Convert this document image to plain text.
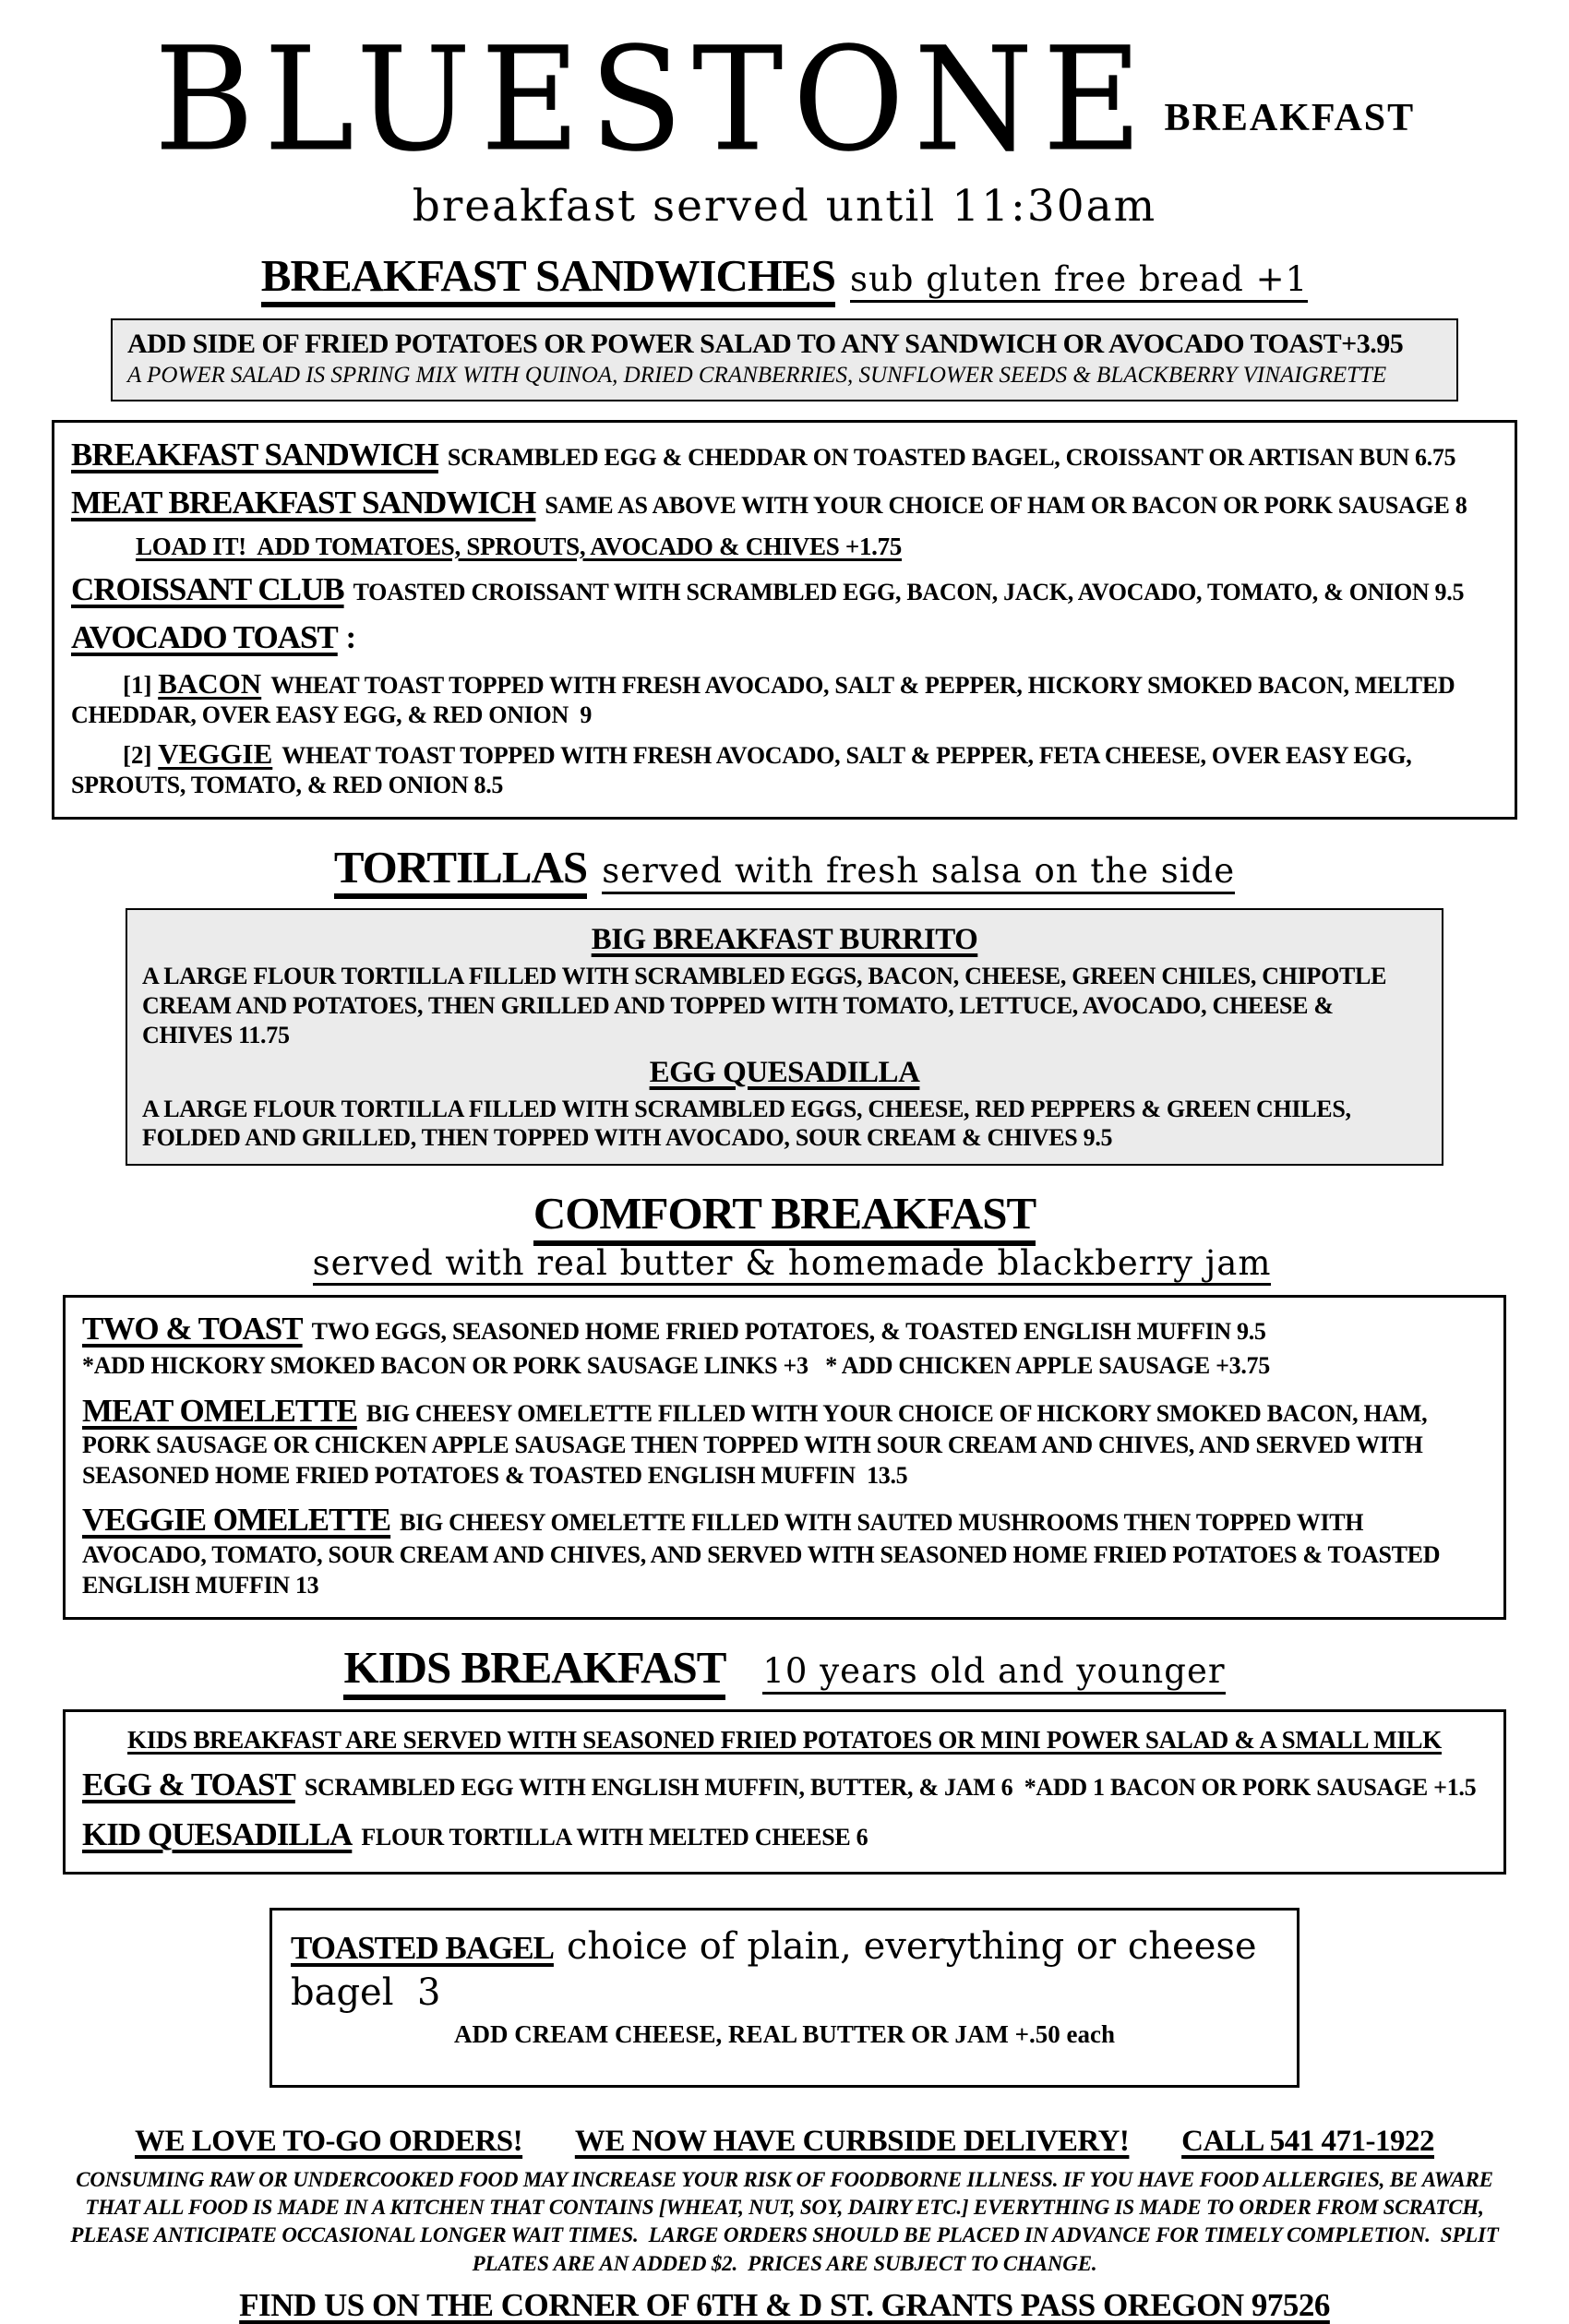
BLUESTONE BREAKFAST
breakfast served until 11:30am
BREAKFAST SANDWICHES sub gluten free bread +1
ADD SIDE OF FRIED POTATOES OR POWER SALAD TO ANY SANDWICH OR AVOCADO TOAST+3.95
A POWER SALAD IS SPRING MIX WITH QUINOA, DRIED CRANBERRIES, SUNFLOWER SEEDS & BLACKBERRY VINAIGRETTE

BREAKFAST SANDWICH SCRAMBLED EGG & CHEDDAR ON TOASTED BAGEL, CROISSANT OR ARTISAN BUN 6.75

MEAT BREAKFAST SANDWICH SAME AS ABOVE WITH YOUR CHOICE OF HAM OR BACON OR PORK SAUSAGE 8

LOAD IT!  ADD TOMATOES, SPROUTS, AVOCADO & CHIVES +1.75

CROISSANT CLUB TOASTED CROISSANT WITH SCRAMBLED EGG, BACON, JACK, AVOCADO, TOMATO, & ONION 9.5

AVOCADO TOAST :

[1] BACON WHEAT TOAST TOPPED WITH FRESH AVOCADO, SALT & PEPPER, HICKORY SMOKED BACON, MELTED CHEDDAR, OVER EASY EGG, & RED ONION  9

[2] VEGGIE WHEAT TOAST TOPPED WITH FRESH AVOCADO, SALT & PEPPER, FETA CHEESE, OVER EASY EGG, SPROUTS, TOMATO, & RED ONION 8.5

TORTILLAS served with fresh salsa on the side
BIG BREAKFAST BURRITO
A LARGE FLOUR TORTILLA FILLED WITH SCRAMBLED EGGS, BACON, CHEESE, GREEN CHILES, CHIPOTLE CREAM AND POTATOES, THEN GRILLED AND TOPPED WITH TOMATO, LETTUCE, AVOCADO, CHEESE & CHIVES 11.75
EGG QUESADILLA
A LARGE FLOUR TORTILLA FILLED WITH SCRAMBLED EGGS, CHEESE, RED PEPPERS & GREEN CHILES, FOLDED AND GRILLED, THEN TOPPED WITH AVOCADO, SOUR CREAM & CHIVES 9.5
COMFORT BREAKFASTserved with real butter & homemade blackberry jam

TWO & TOAST TWO EGGS, SEASONED HOME FRIED POTATOES, & TOASTED ENGLISH MUFFIN 9.5

*ADD HICKORY SMOKED BACON OR PORK SAUSAGE LINKS +3   * ADD CHICKEN APPLE SAUSAGE +3.75

MEAT OMELETTE BIG CHEESY OMELETTE FILLED WITH YOUR CHOICE OF HICKORY SMOKED BACON, HAM, PORK SAUSAGE OR CHICKEN APPLE SAUSAGE THEN TOPPED WITH SOUR CREAM AND CHIVES, AND SERVED WITH SEASONED HOME FRIED POTATOES & TOASTED ENGLISH MUFFIN  13.5

VEGGIE OMELETTE BIG CHEESY OMELETTE FILLED WITH SAUTED MUSHROOMS THEN TOPPED WITH AVOCADO, TOMATO, SOUR CREAM AND CHIVES, AND SERVED WITH SEASONED HOME FRIED POTATOES & TOASTED ENGLISH MUFFIN 13

KIDS BREAKFAST 10 years old and younger

KIDS BREAKFAST ARE SERVED WITH SEASONED FRIED POTATOES OR MINI POWER SALAD & A SMALL MILK

EGG & TOAST SCRAMBLED EGG WITH ENGLISH MUFFIN, BUTTER, & JAM 6  *ADD 1 BACON OR PORK SAUSAGE +1.5

KID QUESADILLA FLOUR TORTILLA WITH MELTED CHEESE 6

TOASTED BAGEL choice of plain, everything or cheese bagel  3

ADD CREAM CHEESE, REAL BUTTER OR JAM +.50 each

WE LOVE TO-GO ORDERS! WE NOW HAVE CURBSIDE DELIVERY! CALL 541 471-1922
CONSUMING RAW OR UNDERCOOKED FOOD MAY INCREASE YOUR RISK OF FOODBORNE ILLNESS. IF YOU HAVE FOOD ALLERGIES, BE AWARE THAT ALL FOOD IS MADE IN A KITCHEN THAT CONTAINS [WHEAT, NUT, SOY, DAIRY ETC.] EVERYTHING IS MADE TO ORDER FROM SCRATCH, PLEASE ANTICIPATE OCCASIONAL LONGER WAIT TIMES.  LARGE ORDERS SHOULD BE PLACED IN ADVANCE FOR TIMELY COMPLETION.  SPLIT PLATES ARE AN ADDED $2.  PRICES ARE SUBJECT TO CHANGE.
FIND US ON THE CORNER OF 6TH & D ST. GRANTS PASS OREGON 97526
